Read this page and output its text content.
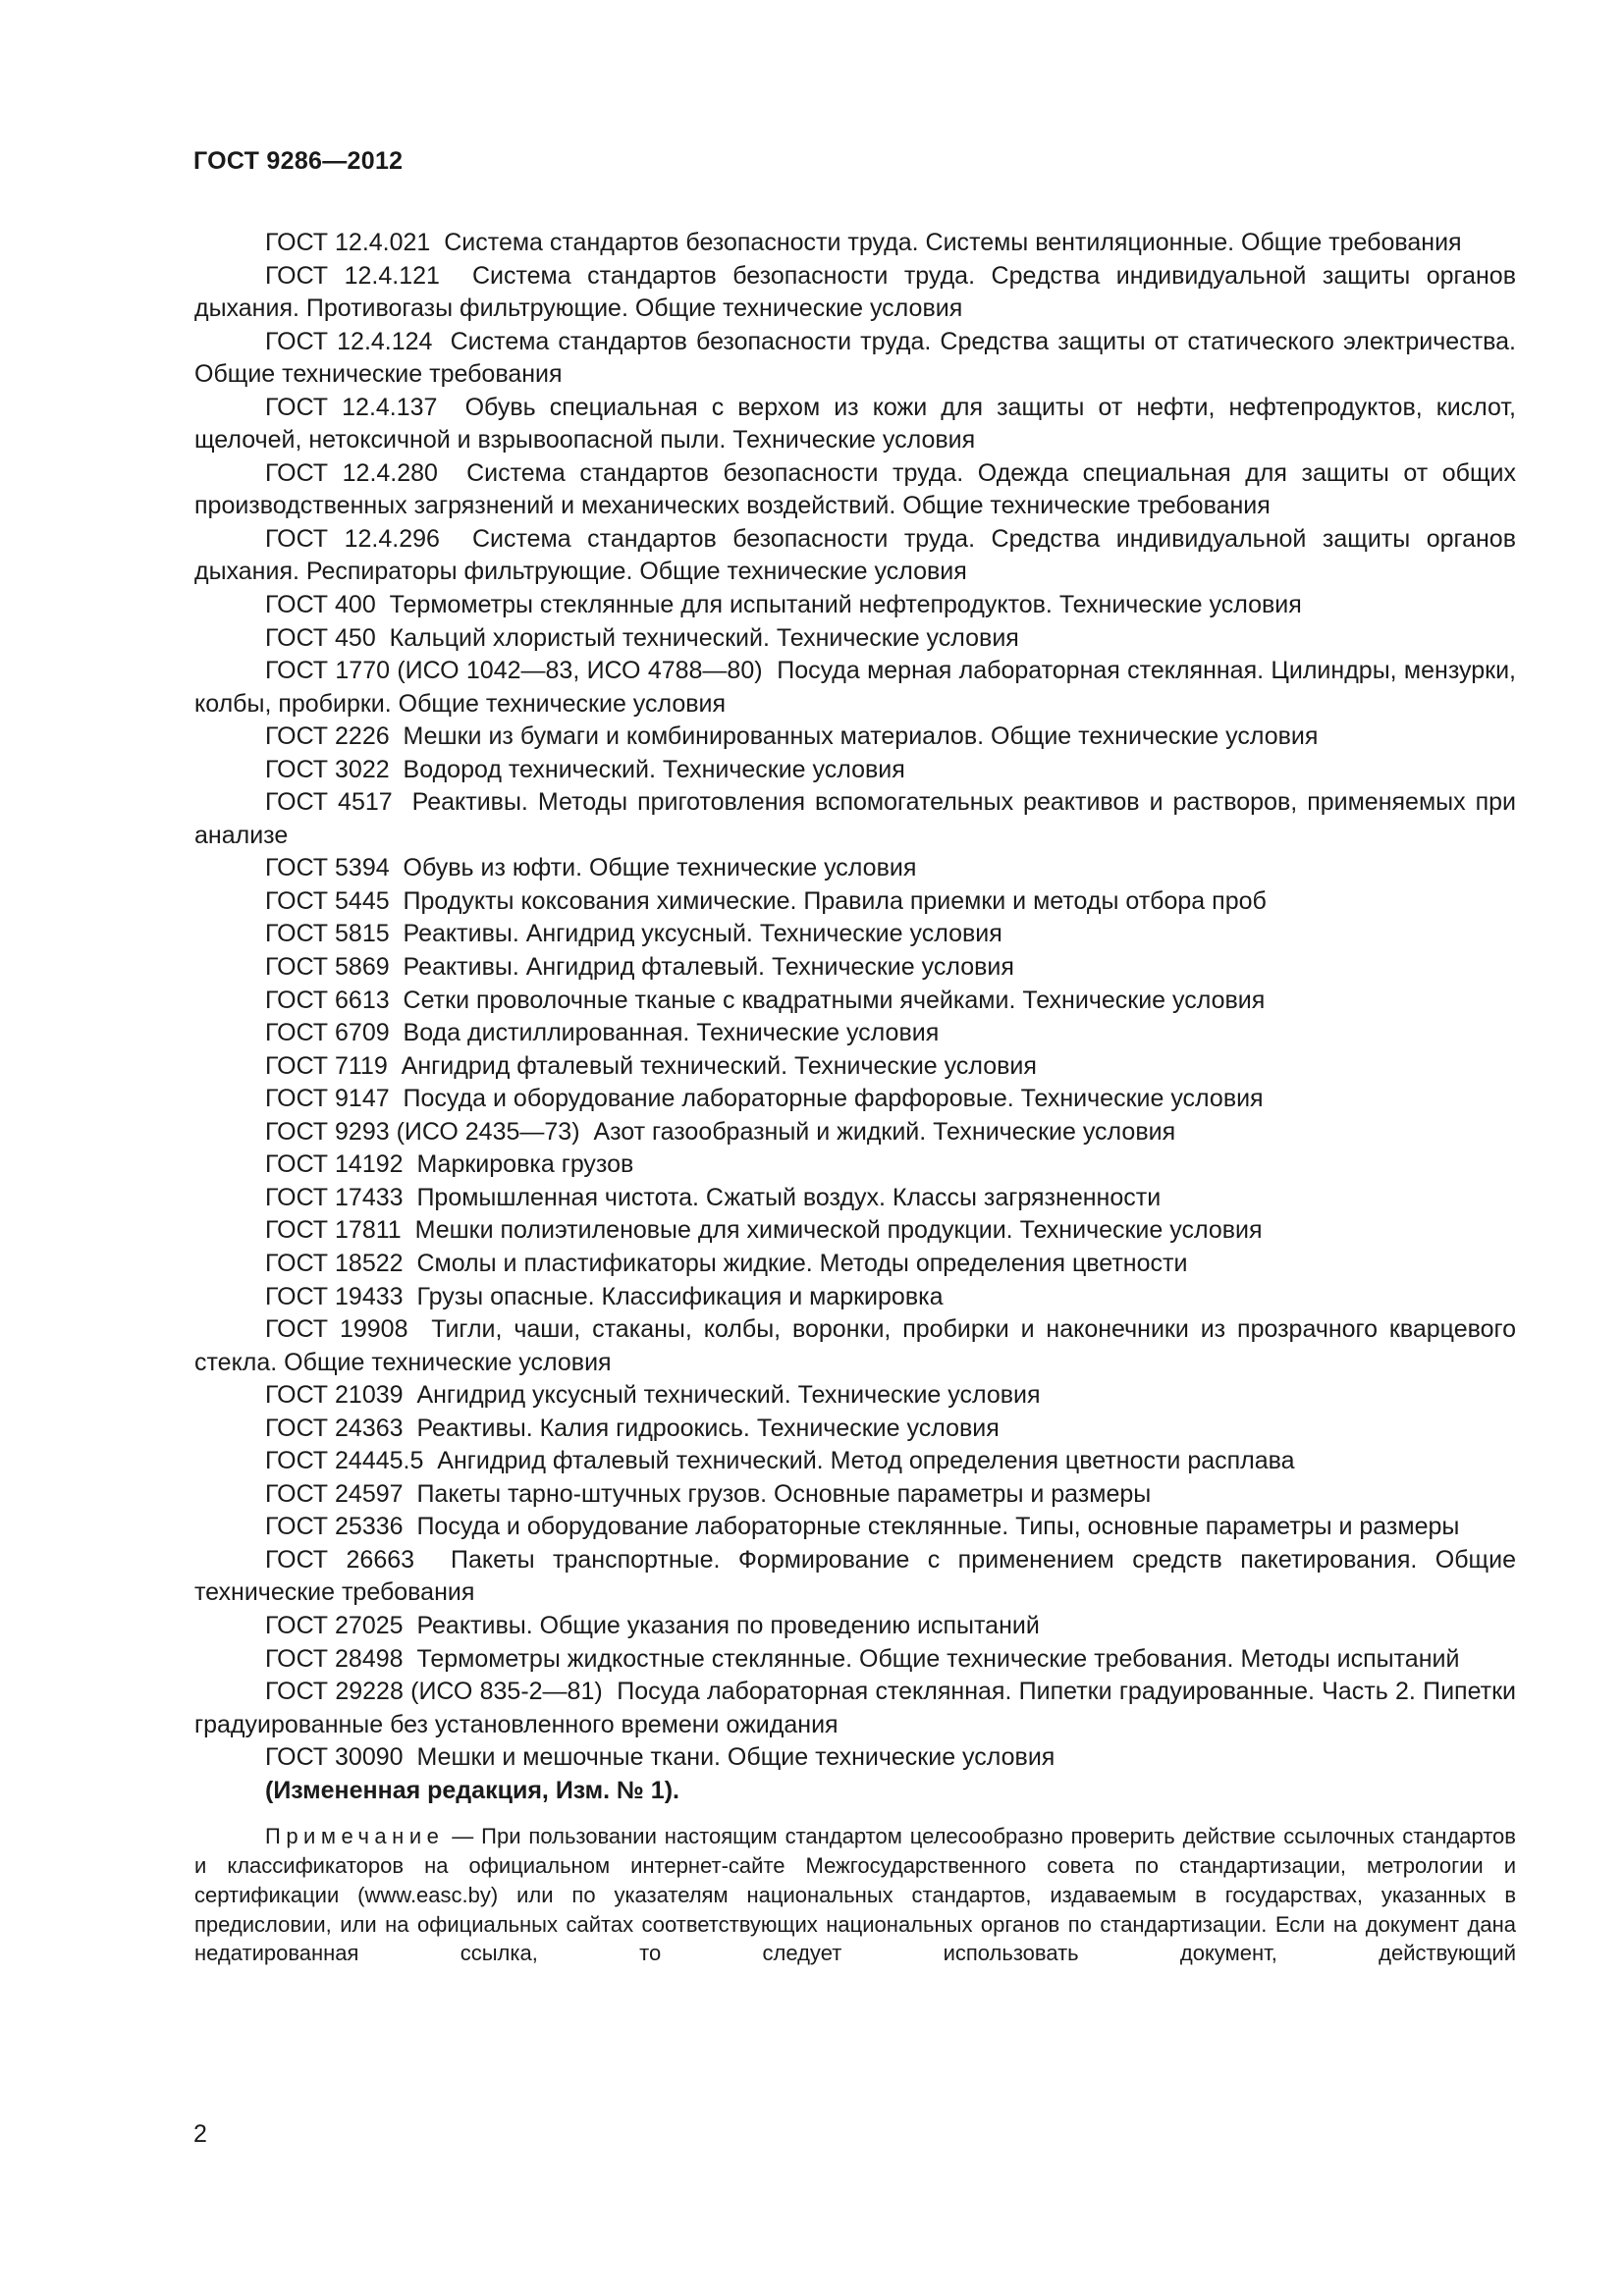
ГОСТ 9286—2012

ГОСТ 12.4.021 Система стандартов безопасности труда. Системы вентиляционные. Общие требования

ГОСТ 12.4.121 Система стандартов безопасности труда. Средства индивидуальной защиты органов дыхания. Противогазы фильтрующие. Общие технические условия

ГОСТ 12.4.124 Система стандартов безопасности труда. Средства защиты от статического электричества. Общие технические требования

ГОСТ 12.4.137 Обувь специальная с верхом из кожи для защиты от нефти, нефтепродуктов, кислот, щелочей, нетоксичной и взрывоопасной пыли. Технические условия

ГОСТ 12.4.280 Система стандартов безопасности труда. Одежда специальная для защиты от общих производственных загрязнений и механических воздействий. Общие технические требования

ГОСТ 12.4.296 Система стандартов безопасности труда. Средства индивидуальной защиты органов дыхания. Респираторы фильтрующие. Общие технические условия

ГОСТ 400 Термометры стеклянные для испытаний нефтепродуктов. Технические условия

ГОСТ 450 Кальций хлористый технический. Технические условия

ГОСТ 1770 (ИСО 1042—83, ИСО 4788—80) Посуда мерная лабораторная стеклянная. Цилиндры, мензурки, колбы, пробирки. Общие технические условия

ГОСТ 2226 Мешки из бумаги и комбинированных материалов. Общие технические условия

ГОСТ 3022 Водород технический. Технические условия

ГОСТ 4517 Реактивы. Методы приготовления вспомогательных реактивов и растворов, применяемых при анализе

ГОСТ 5394 Обувь из юфти. Общие технические условия

ГОСТ 5445 Продукты коксования химические. Правила приемки и методы отбора проб

ГОСТ 5815 Реактивы. Ангидрид уксусный. Технические условия

ГОСТ 5869 Реактивы. Ангидрид фталевый. Технические условия

ГОСТ 6613 Сетки проволочные тканые с квадратными ячейками. Технические условия

ГОСТ 6709 Вода дистиллированная. Технические условия

ГОСТ 7119 Ангидрид фталевый технический. Технические условия

ГОСТ 9147 Посуда и оборудование лабораторные фарфоровые. Технические условия

ГОСТ 9293 (ИСО 2435—73) Азот газообразный и жидкий. Технические условия

ГОСТ 14192 Маркировка грузов

ГОСТ 17433 Промышленная чистота. Сжатый воздух. Классы загрязненности

ГОСТ 17811 Мешки полиэтиленовые для химической продукции. Технические условия

ГОСТ 18522 Смолы и пластификаторы жидкие. Методы определения цветности

ГОСТ 19433 Грузы опасные. Классификация и маркировка

ГОСТ 19908 Тигли, чаши, стаканы, колбы, воронки, пробирки и наконечники из прозрачного кварцевого стекла. Общие технические условия

ГОСТ 21039 Ангидрид уксусный технический. Технические условия

ГОСТ 24363 Реактивы. Калия гидроокись. Технические условия

ГОСТ 24445.5 Ангидрид фталевый технический. Метод определения цветности расплава

ГОСТ 24597 Пакеты тарно-штучных грузов. Основные параметры и размеры

ГОСТ 25336 Посуда и оборудование лабораторные стеклянные. Типы, основные параметры и размеры

ГОСТ 26663 Пакеты транспортные. Формирование с применением средств пакетирования. Общие технические требования

ГОСТ 27025 Реактивы. Общие указания по проведению испытаний

ГОСТ 28498 Термометры жидкостные стеклянные. Общие технические требования. Методы испытаний

ГОСТ 29228 (ИСО 835-2—81) Посуда лабораторная стеклянная. Пипетки градуированные. Часть 2. Пипетки градуированные без установленного времени ожидания

ГОСТ 30090 Мешки и мешочные ткани. Общие технические условия

(Измененная редакция, Изм. № 1).

Примечание — При пользовании настоящим стандартом целесообразно проверить действие ссылочных стандартов и классификаторов на официальном интернет-сайте Межгосударственного совета по стандартизации, метрологии и сертификации (www.easc.by) или по указателям национальных стандартов, издаваемым в государствах, указанных в предисловии, или на официальных сайтах соответствующих национальных органов по стандартизации. Если на документ дана недатированная ссылка, то следует использовать документ, действующий

2
